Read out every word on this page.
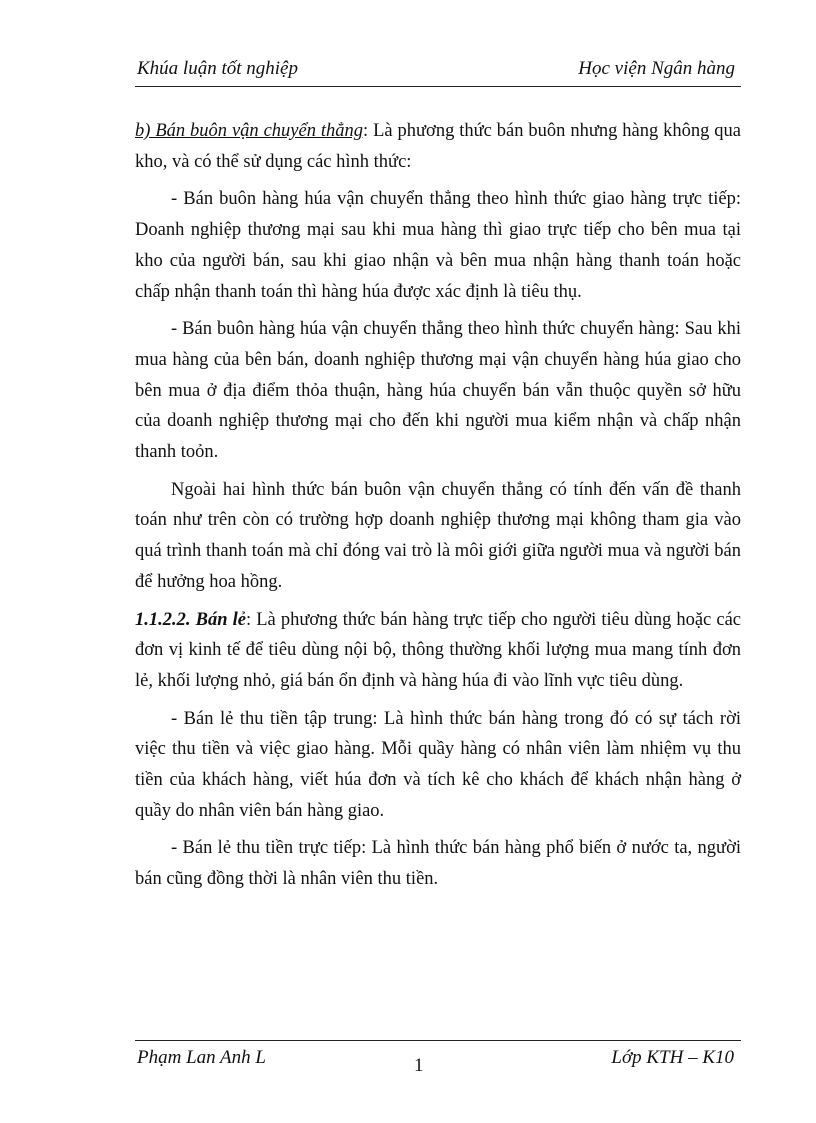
Khúa luận tốt nghiệp	Học viện Ngân hàng

b) Bán buôn vận chuyển thẳng: Là phương thức bán buôn nhưng hàng không qua kho, và có thể sử dụng các hình thức:

- Bán buôn hàng húa vận chuyển thẳng theo hình thức giao hàng trực tiếp: Doanh nghiệp thương mại sau khi mua hàng thì giao trực tiếp cho bên mua tại kho của người bán, sau khi giao nhận và bên mua nhận hàng thanh toán hoặc chấp nhận thanh toán thì hàng húa được xác định là tiêu thụ.

- Bán buôn hàng húa vận chuyển thẳng theo hình thức chuyển hàng: Sau khi mua hàng của bên bán, doanh nghiệp thương mại vận chuyển hàng húa giao cho bên mua ở địa điểm thỏa thuận, hàng húa chuyển bán vẫn thuộc quyền sở hữu của doanh nghiệp thương mại cho đến khi người mua kiểm nhận và chấp nhận thanh toỏn.

Ngoài hai hình thức bán buôn vận chuyển thẳng có tính đến vấn đề thanh toán như trên còn có trường hợp doanh nghiệp thương mại không tham gia vào quá trình thanh toán mà chỉ đóng vai trò là môi giới giữa người mua và người bán để hưởng hoa hồng.

1.1.2.2. Bán lẻ: Là phương thức bán hàng trực tiếp cho người tiêu dùng hoặc các đơn vị kinh tế để tiêu dùng nội bộ, thông thường khối lượng mua mang tính đơn lẻ, khối lượng nhỏ, giá bán ổn định và hàng húa đi vào lĩnh vực tiêu dùng.

- Bán lẻ thu tiền tập trung: Là hình thức bán hàng trong đó có sự tách rời việc thu tiền và việc giao hàng. Mỗi quầy hàng có nhân viên làm nhiệm vụ thu tiền của khách hàng, viết húa đơn và tích kê cho khách để khách nhận hàng ở quầy do nhân viên bán hàng giao.

- Bán lẻ thu tiền trực tiếp: Là hình thức bán hàng phổ biến ở nước ta, người bán cũng đồng thời là nhân viên thu tiền.

Phạm Lan Anh L	1	Lớp KTH – K10
